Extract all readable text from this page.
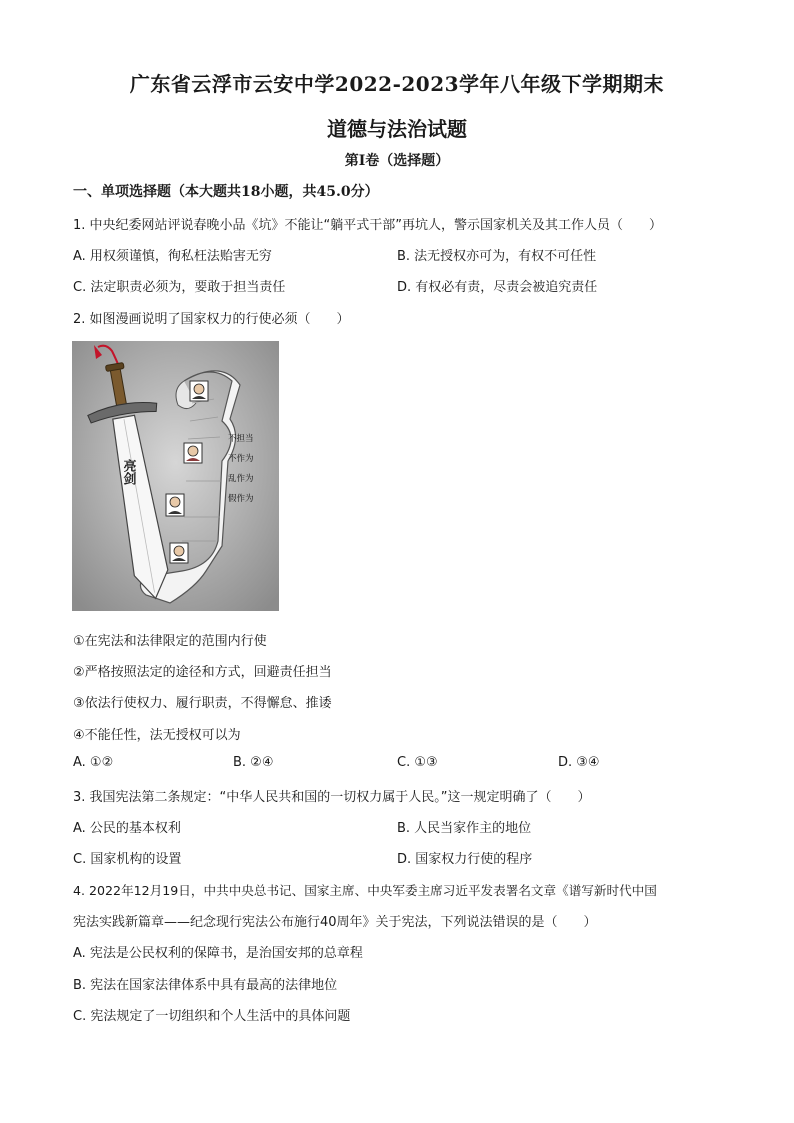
广东省云浮市云安中学2022-2023学年八年级下学期期末
道德与法治试题
第Ⅰ卷（选择题）
一、单项选择题（本大题共18小题，共45.0分）
1. 中央纪委网站评说春晚小品《坑》不能让“躺平式干部”再坑人，警示国家机关及其工作人员（　　）
A. 用权须谨慎，徇私枉法贻害无穷	B. 法无授权亦可为，有权不可任性
C. 法定职责必须为，要敢于担当责任	D. 有权必有责，尽责会被追究责任
2. 如图漫画说明了国家权力的行使必须（　　）
不担当
不作为
乱作为
假作为
亮剑
①在宪法和法律限定的范围内行使
②严格按照法定的途径和方式，回避责任担当
③依法行使权力、履行职责，不得懈怠、推诿
④不能任性，法无授权可以为
A. ①②	B. ②④	C. ①③	D. ③④
3. 我国宪法第二条规定：“中华人民共和国的一切权力属于人民。”这一规定明确了（　　）
A. 公民的基本权利	B. 人民当家作主的地位
C. 国家机构的设置	D. 国家权力行使的程序
4. 2022年12月19日，中共中央总书记、国家主席、中央军委主席习近平发表署名文章《谱写新时代中国
宪法实践新篇章——纪念现行宪法公布施行40周年》关于宪法，下列说法错误的是（　　）
A. 宪法是公民权利的保障书，是治国安邦的总章程
B. 宪法在国家法律体系中具有最高的法律地位
C. 宪法规定了一切组织和个人生活中的具体问题
